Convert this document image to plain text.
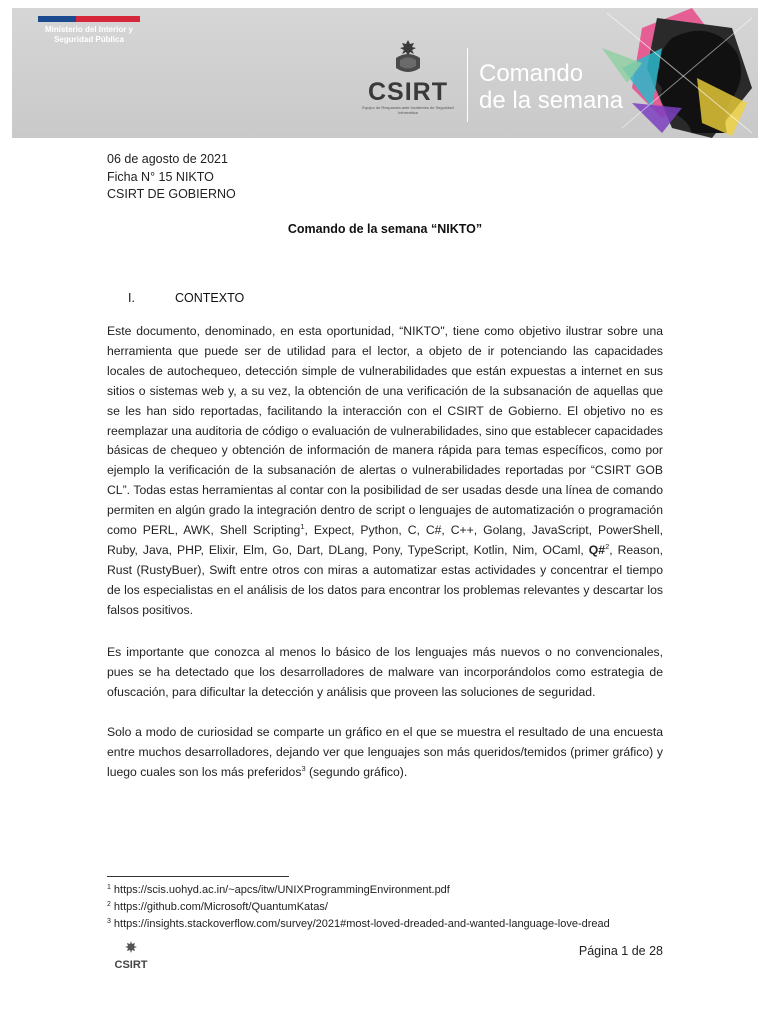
Ministerio del Interior y
Seguridad Pública
CSIRT
Equipo de Respuesta ante Incidentes de Seguridad Informática
Comando
de la semana
06 de agosto de 2021
Ficha N° 15 NIKTO
CSIRT DE GOBIERNO
Comando de la semana “NIKTO”
I.	CONTEXTO

Este documento, denominado, en esta oportunidad, “NIKTO", tiene como objetivo ilustrar sobre una herramienta que puede ser de utilidad para el lector, a objeto de ir potenciando las capacidades locales de autochequeo, detección simple de vulnerabilidades que están expuestas a internet en sus sitios o sistemas web y, a su vez, la obtención de una verificación de la subsanación de aquellas que se les han sido reportadas, facilitando la interacción con el CSIRT de Gobierno. El objetivo no es reemplazar una auditoria de código o evaluación de vulnerabilidades, sino que establecer capacidades básicas de chequeo y obtención de información de manera rápida para temas específicos, como por ejemplo la verificación de la subsanación de alertas o vulnerabilidades reportadas por “CSIRT GOB CL”. Todas estas herramientas al contar con la posibilidad de ser usadas desde una línea de comando permiten en algún grado la integración dentro de script o lenguajes de automatización o programación como PERL, AWK, Shell Scripting$^1$, Expect, Python, C, C#, C++, Golang, JavaScript, PowerShell, Ruby, Java, PHP, Elixir, Elm, Go, Dart, DLang, Pony, TypeScript, Kotlin, Nim, OCaml, Q#$^2$, Reason, Rust (RustyBuer), Swift entre otros con miras a automatizar estas actividades y concentrar el tiempo de los especialistas en el análisis de los datos para encontrar los problemas relevantes y descartar los falsos positivos.

Es importante que conozca al menos lo básico de los lenguajes más nuevos o no convencionales, pues se ha detectado que los desarrolladores de malware van incorporándolos como estrategia de ofuscación, para dificultar la detección y análisis que proveen las soluciones de seguridad.

Solo a modo de curiosidad se comparte un gráfico en el que se muestra el resultado de una encuesta entre muchos desarrolladores, dejando ver que lenguajes son más queridos/temidos (primer gráfico) y luego cuales son los más preferidos$^3$ (segundo gráfico).

$^1$ https://scis.uohyd.ac.in/~apcs/itw/UNIXProgrammingEnvironment.pdf
$^2$ https://github.com/Microsoft/QuantumKatas/
$^3$ https://insights.stackoverflow.com/survey/2021#most-loved-dreaded-and-wanted-language-love-dread
CSIRT
Página 1 de 28
